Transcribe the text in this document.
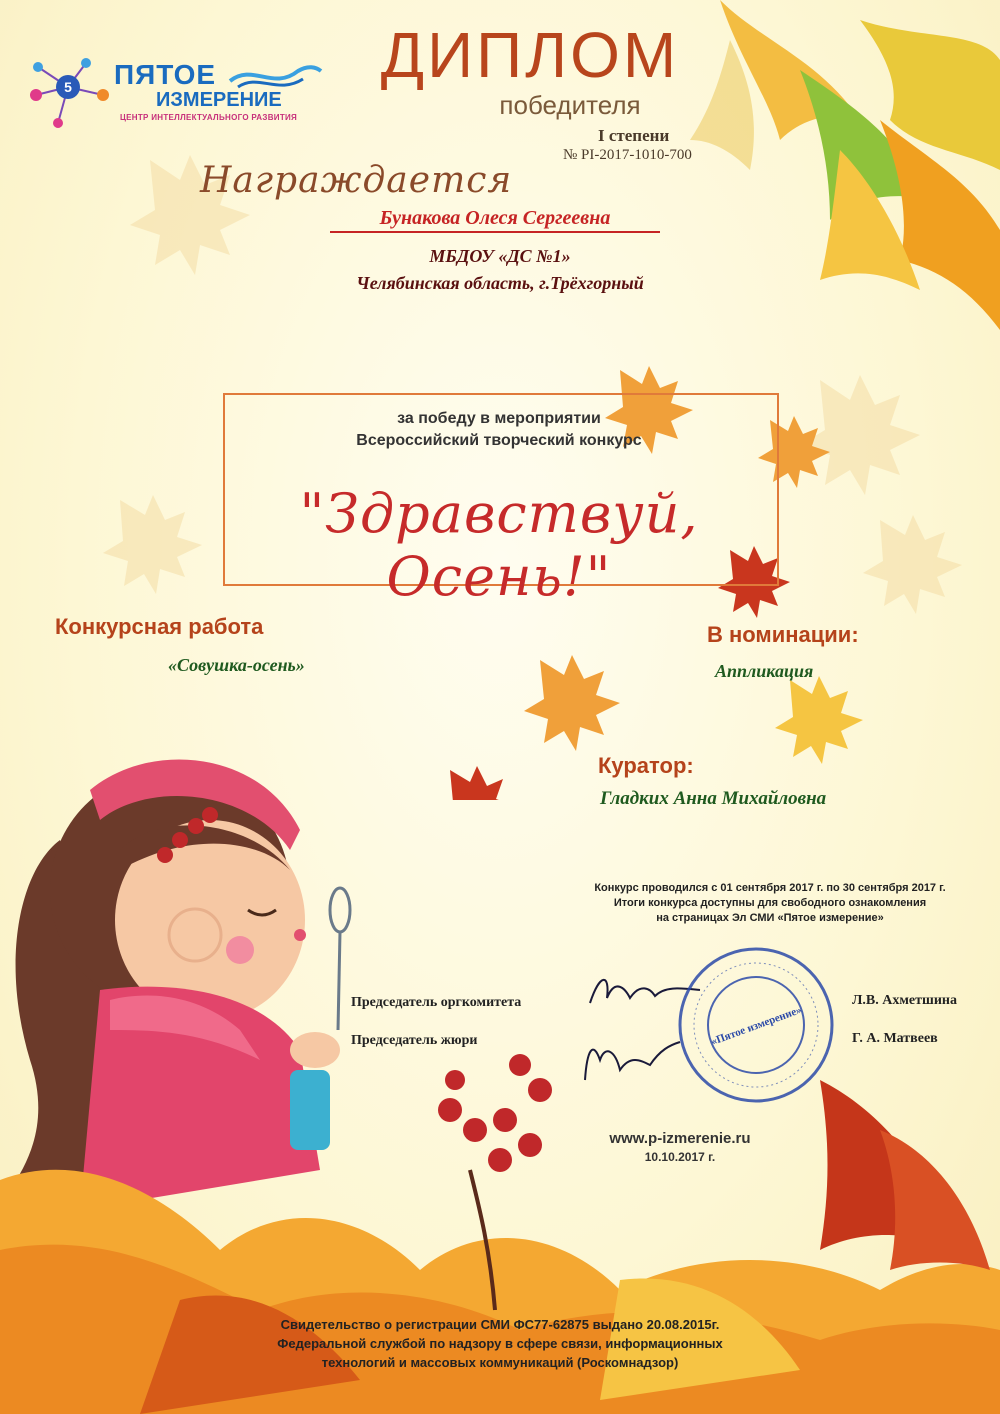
5 ПЯТОЕ
ИЗМЕРЕНИЕ
ЦЕНТР ИНТЕЛЛЕКТУАЛЬНОГО РАЗВИТИЯ
ДИПЛОМ
победителя
I степени
№ PI-2017-1010-700
Награждается
Бунакова Олеся Сергеевна
МБДОУ «ДС №1»
Челябинская область, г.Трёхгорный
за победу в мероприятии
Всероссийский творческий конкурс
"Здравствуй, Осень!"
Конкурсная работа
«Совушка-осень»
В номинации:
Аппликация
Куратор:
Гладких Анна Михайловна
Конкурс проводился с 01 сентября 2017 г. по 30 сентября 2017 г.
Итоги конкурса доступны для свободного ознакомления
на страницах Эл СМИ «Пятое измерение»
Председатель оргкомитета
Председатель жюри
Л.В. Ахметшина
Г. А. Матвеев
«Пятое измерение»
www.p-izmerenie.ru
10.10.2017 г.
Свидетельство о регистрации СМИ ФС77-62875 выдано 20.08.2015г.
Федеральной службой по надзору в сфере связи, информационных
технологий и массовых коммуникаций (Роскомнадзор)
